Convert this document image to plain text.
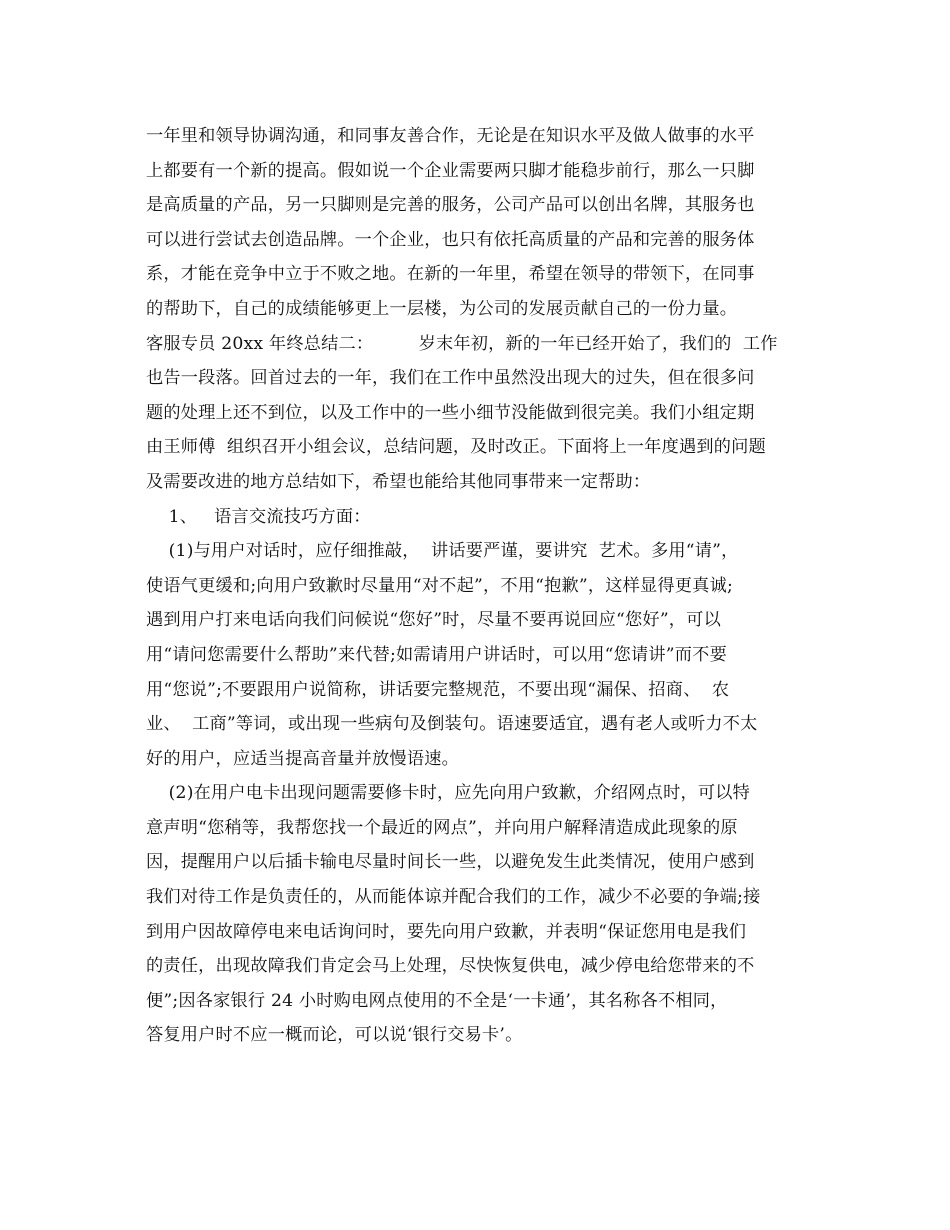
一年里和领导协调沟通，和同事友善合作，无论是在知识水平及做人做事的水平
上都要有一个新的提高。假如说一个企业需要两只脚才能稳步前行，那么一只脚
是高质量的产品，另一只脚则是完善的服务，公司产品可以创出名牌，其服务也
可以进行尝试去创造品牌。一个企业，也只有依托高质量的产品和完善的服务体
系，才能在竞争中立于不败之地。在新的一年里，希望在领导的带领下，在同事
的帮助下，自己的成绩能够更上一层楼，为公司的发展贡献自己的一份力量。
客服专员 20xx 年终总结二：        岁末年初，新的一年已经开始了，我们的  工作
也告一段落。回首过去的一年，我们在工作中虽然没出现大的过失，但在很多问
题的处理上还不到位，以及工作中的一些小细节没能做到很完美。我们小组定期
由王师傅  组织召开小组会议，总结问题，及时改正。下面将上一年度遇到的问题
及需要改进的地方总结如下，希望也能给其他同事带来一定帮助：
1、   语言交流技巧方面：
(1)与用户对话时，应仔细推敲，  讲话要严谨，要讲究  艺术。多用“请”，
使语气更缓和;向用户致歉时尽量用“对不起”，不用“抱歉”，这样显得更真诚;
遇到用户打来电话向我们问候说“您好”时，尽量不要再说回应“您好”，可以
用“请问您需要什么帮助”来代替;如需请用户讲话时，可以用“您请讲”而不要
用“您说”;不要跟用户说简称，讲话要完整规范，不要出现“漏保、招商、  农
业、  工商”等词，或出现一些病句及倒装句。语速要适宜，遇有老人或听力不太
好的用户，应适当提高音量并放慢语速。
(2)在用户电卡出现问题需要修卡时，应先向用户致歉，介绍网点时，可以特
意声明“您稍等，我帮您找一个最近的网点”，并向用户解释清造成此现象的原
因，提醒用户以后插卡输电尽量时间长一些，以避免发生此类情况，使用户感到
我们对待工作是负责任的，从而能体谅并配合我们的工作，减少不必要的争端;接
到用户因故障停电来电话询问时，要先向用户致歉，并表明“保证您用电是我们
的责任，出现故障我们肯定会马上处理，尽快恢复供电，减少停电给您带来的不
便”;因各家银行 24 小时购电网点使用的不全是‘一卡通’，其名称各不相同，
答复用户时不应一概而论，可以说‘银行交易卡’。
